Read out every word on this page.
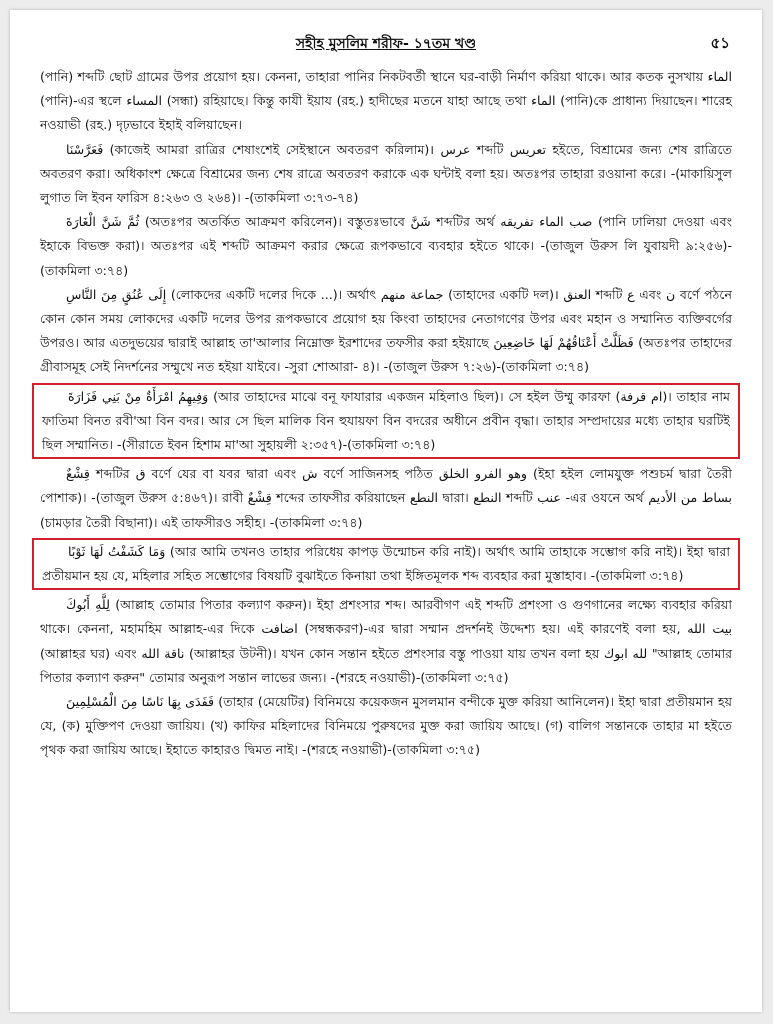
সহীহ মুসলিম শরীফ- ১৭তম খণ্ড	৫১

(পানি) শব্দটি ছোট গ্রামের উপর প্রয়োগ হয়। কেননা, তাহারা পানির নিকটবর্তী স্থানে ঘর-বাড়ী নির্মাণ করিয়া থাকে। আর কতক নুসখায় الماء (পানি)-এর স্থলে المساء (সন্ধা) রহিয়াছে। কিন্তু কাযী ইয়ায (রহ.) হাদীছের মতনে যাহা আছে তথা الماء (পানি)কে প্রাধান্য দিয়াছেন। শারেহ নওয়াভী (রহ.) দৃঢ়ভাবে ইহাই বলিয়াছেন।

فَعَرَّسْنَا (কাজেই আমরা রাত্রির শেষাংশেই সেইস্থানে অবতরণ করিলাম)। عرس শব্দটি تعريس হইতে, বিশ্রামের জন্য শেষ রাত্রিতে অবতরণ করা। অধিকাংশ ক্ষেত্রে বিশ্রামের জন্য শেষ রাত্রে অবতরণ করাকে এক ঘন্টাই বলা হয়। অতঃপর তাহারা রওয়ানা করে। -(মাকায়িসুল লুগাত লি ইবন ফারিস ৪:২৬৩ ও ২৬৪)। -(তাকমিলা ৩:৭৩-৭৪)

ثُمَّ شَنَّ الْغَارَةَ (অতঃপর অতর্কিত আক্রমণ করিলেন)। বস্তুতঃভাবে شَنَّ শব্দটির অর্থ صب الماء تفريقه (পানি ঢালিয়া দেওয়া এবং ইহাকে বিভক্ত করা)। অতঃপর এই শব্দটি আক্রমণ করার ক্ষেত্রে রূপকভাবে ব্যবহার হইতে থাকে। -(তাজুল উরুস লি যুবায়দী ৯:২৫৬)-(তাকমিলা ৩:৭৪)

إِلَى عُنُقٍ مِنَ النَّاسِ (লোকদের একটি দলের দিকে ...)। অর্থাৎ جماعة منهم (তাহাদের একটি দল)। العنق শব্দটি ع এবং ن বর্ণে পঠনে কোন কোন সময় লোকদের একটি দলের উপর রূপকভাবে প্রয়োগ হয় কিংবা তাহাদের নেতাগণের উপর এবং মহান ও সম্মানিত ব্যক্তিবর্গের উপরও। আর এতদুভয়ের দ্বারাই আল্লাহ তা'আলার নিম্নোক্ত ইরশাদের তফসীর করা হইয়াছে فَظَلَّتْ أَعْنَاقُهُمْ لَهَا خَاضِعِينَ (অতঃপর তাহাদের গ্রীবাসমূহ সেই নিদর্শনের সম্মুখে নত হইয়া যাইবে। -সুরা শোআরা- ৪)। -(তাজুল উরুস ৭:২৬)-(তাকমিলা ৩:৭৪)

وَفِيهِمُ امْرَأَةٌ مِنْ بَنِي فَزَارَةَ (আর তাহাদের মাঝে বনূ ফাযারার একজন মহিলাও ছিল)। সে হইল উম্মু কারফা (ام قرفة)। তাহার নাম ফাতিমা বিনত রবী'আ বিন বদর। আর সে ছিল মালিক বিন হুযায়ফা বিন বদরের অধীনে প্রবীন বৃদ্ধা। তাহার সম্প্রদায়ের মধ্যে তাহার ঘরটিই ছিল সম্মানিত। -(সীরাতে ইবন হিশাম মা'আ সুহায়লী ২:৩৫৭)-(তাকমিলা ৩:৭৪)

قِشْعٌ শব্দটির ق বর্ণে যের বা যবর দ্বারা এবং ش বর্ণে সাজিনসহ পঠিত وهو الفرو الخلق (ইহা হইল লোমযুক্ত পশুচর্ম দ্বারা তৈরী পোশাক)। -(তাজুল উরুস ৫:৪৬৭)। রাবী قِشْعٌ শব্দের তাফসীর করিয়াছেন النطع দ্বারা। النطع শব্দটি عنب -এর ওযনে অর্থ بساط من الأديم (চামড়ার তৈরী বিছানা)। এই তাফসীরও সহীহ। -(তাকমিলা ৩:৭৪)

وَمَا كَشَفْتُ لَهَا ثَوْبًا (আর আমি তখনও তাহার পরিধেয় কাপড় উন্মোচন করি নাই)। অর্থাৎ আমি তাহাকে সম্ভোগ করি নাই)। ইহা দ্বারা প্রতীয়মান হয় যে, মহিলার সহিত সম্ভোগের বিষয়টি বুঝাইতে কিনায়া তথা ইঙ্গিতমূলক শব্দ ব্যবহার করা মুস্তাহাব। -(তাকমিলা ৩:৭৪)

لِلَّهِ أَبُوكَ (আল্লাহ তোমার পিতার কল্যাণ করুন)। ইহা প্রশংসার শব্দ। আরবীগণ এই শব্দটি প্রশংসা ও গুণগানের লক্ষ্যে ব্যবহার করিয়া থাকে। কেননা, মহামহিম আল্লাহ-এর দিকে اضافت (সম্বন্ধকরণ)-এর দ্বারা সম্মান প্রদর্শনই উদ্দেশ্য হয়। এই কারণেই বলা হয়, بيت الله (আল্লাহর ঘর) এবং ناقة الله (আল্লাহর উটনী)। যখন কোন সন্তান হইতে প্রশংসার বস্তু পাওয়া যায় তখন বলা হয় لله ابوك "আল্লাহ তোমার পিতার কল্যাণ করুন" তোমার অনুরূপ সন্তান লাভের জন্য। -(শরহে নওয়াভী)-(তাকমিলা ৩:৭৫)

فَفَدَى بِهَا نَاسًا مِنَ الْمُسْلِمِينَ (তাহার (মেয়েটির) বিনিময়ে কয়েকজন মুসলমান বন্দীকে মুক্ত করিয়া আনিলেন)। ইহা দ্বারা প্রতীয়মান হয় যে, (ক) মুক্তিপণ দেওয়া জায়িয। (খ) কাফির মহিলাদের বিনিময়ে পুরুষদের মুক্ত করা জায়িয আছে। (গ) বালিগ সন্তানকে তাহার মা হইতে পৃথক করা জায়িয আছে। ইহাতে কাহারও দ্বিমত নাই। -(শরহে নওয়াভী)-(তাকমিলা ৩:৭৫)
